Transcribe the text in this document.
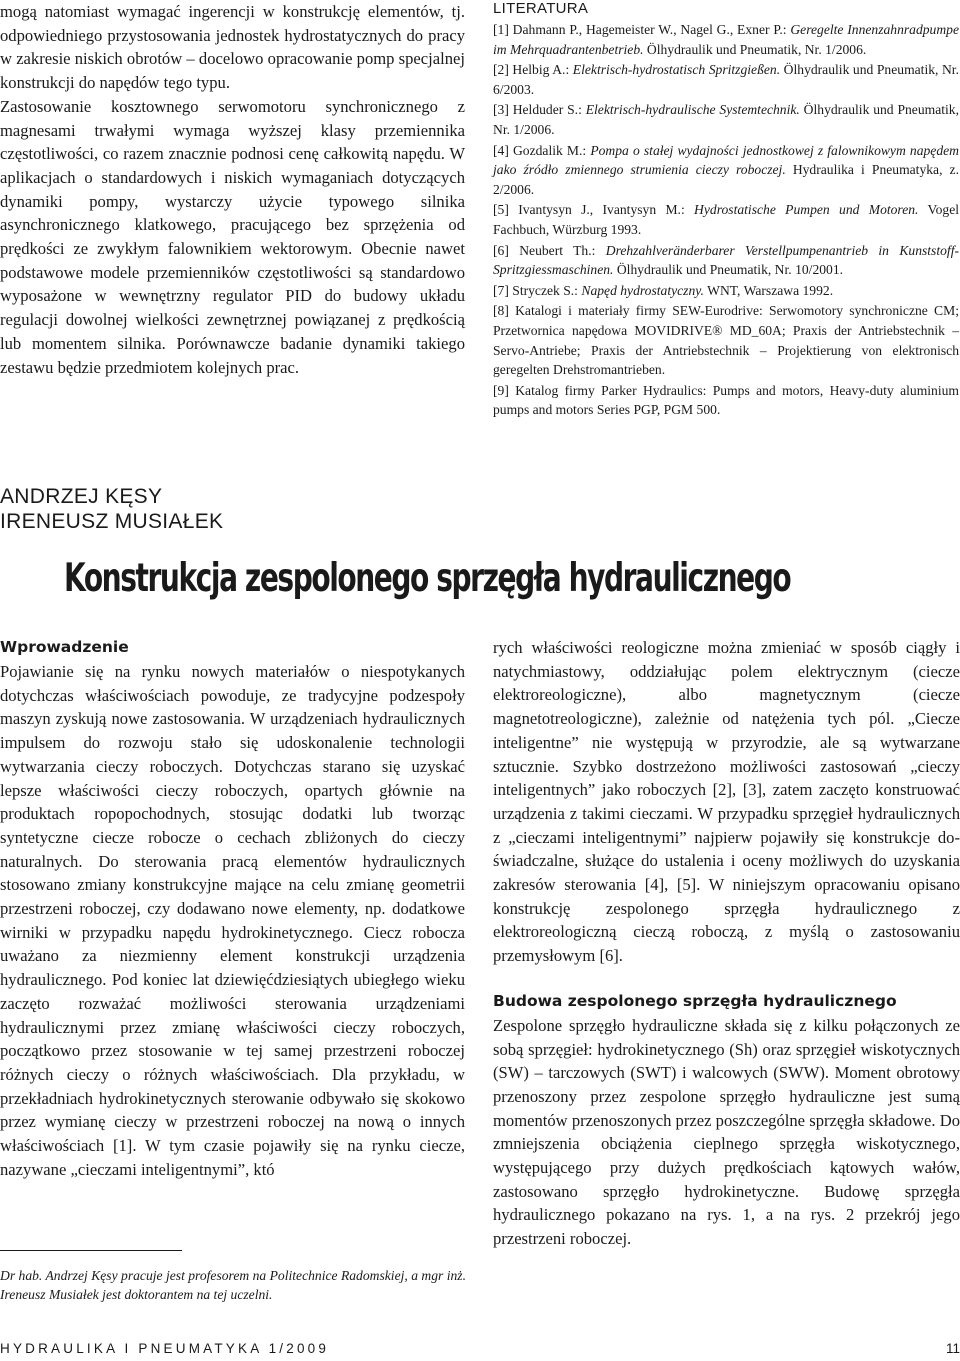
mogą natomiast wymagać ingerencji w konstrukcję elementów, tj. odpowiedniego przystosowania jednostek hydrostatycznych do pracy w zakresie niskich obrotów – docelowo opracowanie pomp specjalnej konstrukcji do napędów tego typu.

Zastosowanie kosztownego serwomotoru synchronicznego z magnesami trwałymi wymaga wyższej klasy przemiennika częstotliwości, co razem znacznie podnosi cenę całkowitą napędu. W aplikacjach o standardowych i niskich wymaganiach dotyczących dynamiki pompy, wystarczy użycie typowego silnika asynchronicznego klatkowego, pracującego bez sprzężenia od prędkości ze zwykłym falownikiem wektorowym. Obecnie nawet podstawowe modele przemienników częstotliwości są standardowo wyposażone w wewnętrzny regulator PID do budowy układu regulacji dowolnej wielkości zewnętrznej powiązanej z prędkością lub momentem silnika. Porównawcze badanie dynamiki takiego zestawu będzie przedmiotem kolejnych prac.

LITERATURA
[1] Dahmann P., Hagemeister W., Nagel G., Exner P.: Geregelte Innenzahnradpumpe im Mehrquadrantenbetrieb. Ölhydraulik und Pneumatik, Nr. 1/2006.
[2] Helbig A.: Elektrisch-hydrostatisch Spritzgießen. Ölhydraulik und Pneumatik, Nr. 6/2003.
[3] Helduder S.: Elektrisch-hydraulische Systemtechnik. Ölhydraulik und Pneumatik, Nr. 1/2006.
[4] Gozdalik M.: Pompa o stałej wydajności jednostkowej z falownikowym napędem jako źródło zmiennego strumienia cieczy roboczej. Hydraulika i Pneumatyka, z. 2/2006.
[5] Ivantysyn J., Ivantysyn M.: Hydrostatische Pumpen und Motoren. Vogel Fachbuch, Würzburg 1993.
[6] Neubert Th.: Drehzahlveränderbarer Verstellpumpenantrieb in Kunststoff-Spritzgiessmaschinen. Ölhydraulik und Pneumatik, Nr. 10/2001.
[7] Stryczek S.: Napęd hydrostatyczny. WNT, Warszawa 1992.
[8] Katalogi i materiały firmy SEW-Eurodrive: Serwomotory synchroniczne CM; Przetwornica napędowa MOVIDRIVE® MD_60A; Praxis der Antriebstechnik – Servo-Antriebe; Praxis der Antriebstechnik – Projektierung von elektronisch geregelten Drehstromantrieben.
[9] Katalog firmy Parker Hydraulics: Pumps and motors, Heavy-duty aluminium pumps and motors Series PGP, PGM 500.
ANDRZEJ KĘSY
IRENEUSZ MUSIAŁEK
Konstrukcja zespolonego sprzęgła hydraulicznego
Wprowadzenie

Pojawianie się na rynku nowych materiałów o niespotykanych dotychczas właściwościach powoduje, ze tradycyjne podzespoły maszyn zyskują nowe zastosowania. W urządzeniach hydraulicznych impulsem do rozwoju stało się udoskonalenie technologii wytwarzania cieczy roboczych. Dotychczas starano się uzyskać lepsze właściwości cieczy roboczych, opartych głównie na produktach ropopochodnych, stosując dodatki lub tworząc syntetyczne ciecze robocze o cechach zbliżonych do cieczy naturalnych. Do sterowania pracą elementów hydraulicznych stosowano zmiany konstrukcyjne mające na celu zmianę geometrii przestrzeni roboczej, czy dodawano nowe elementy, np. dodatkowe wirniki w przypadku napędu hydrokinetycznego. Ciecz robocza uważano za niezmienny element konstrukcji urządzenia hydraulicznego. Pod koniec lat dziewięćdziesiątych ubiegłego wieku zaczęto rozważać możliwości sterowania urządzeniami hydraulicznymi przez zmianę właściwości cieczy roboczych, początkowo przez stosowanie w tej samej przestrzeni roboczej różnych cieczy o różnych właściwościach. Dla przykładu, w przekładniach hydrokinetycznych sterowanie odbywało się skokowo przez wymianę cieczy w przestrzeni roboczej na nową o innych właściwościach [1]. W tym czasie pojawiły się na rynku ciecze, nazywane „cieczami inteligentnymi”, któ

rych właściwości reologiczne można zmieniać w sposób ciągły i natychmiastowy, oddziałując polem elektrycznym (ciecze elektroreologiczne), albo magnetycznym (ciecze magnetotreologiczne), zależnie od natężenia tych pól. „Ciecze inteligentne” nie występują w przyrodzie, ale są wytwarzane sztucznie. Szybko dostrzeżono możliwości zastosowań „cieczy inteligentnych” jako roboczych [2], [3], zatem zaczęto konstruować urządzenia z takimi cieczami. W przypadku sprzęgieł hydraulicznych z „cieczami inteligentnymi” najpierw pojawiły się konstrukcje doświadczalne, służące do ustalenia i oceny możliwych do uzyskania zakresów sterowania [4], [5]. W niniejszym opracowaniu opisano konstrukcję zespolonego sprzęgła hydraulicznego z elektroreologiczną cieczą roboczą, z myślą o zastosowaniu przemysłowym [6].

Budowa zespolonego sprzęgła hydraulicznego

Zespolone sprzęgło hydrauliczne składa się z kilku połączonych ze sobą sprzęgieł: hydrokinetycznego (Sh) oraz sprzęgieł wiskotycznych (SW) – tarczowych (SWT) i walcowych (SWW). Moment obrotowy przenoszony przez zespolone sprzęgło hydrauliczne jest sumą momentów przenoszonych przez poszczególne sprzęgła składowe. Do zmniejszenia obciążenia cieplnego sprzęgła wiskotycznego, występującego przy dużych prędkościach kątowych wałów, zastosowano sprzęgło hydrokinetyczne. Budowę sprzęgła hydraulicznego pokazano na rys. 1, a na rys. 2 przekrój jego przestrzeni roboczej.

Dr hab. Andrzej Kęsy pracuje jest profesorem na Politechnice Radomskiej, a mgr inż. Ireneusz Musiałek jest doktorantem na tej uczelni.
HYDRAULIKA I PNEUMATYKA 1/2009	11
